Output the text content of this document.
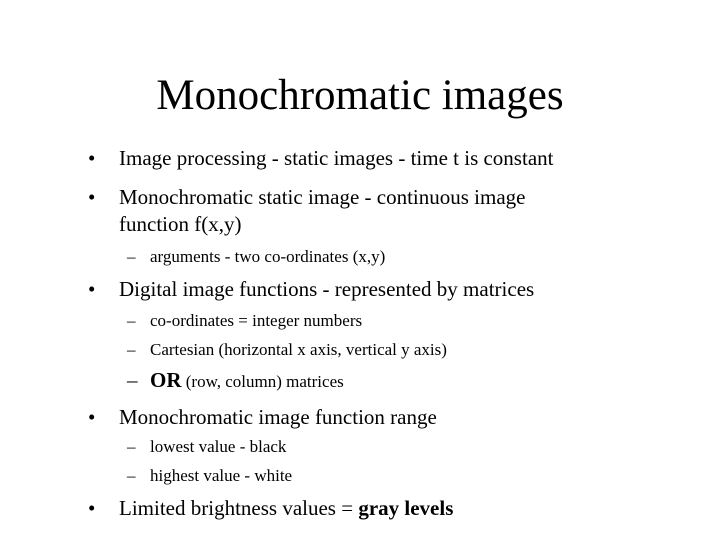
Monochromatic images
•	Image processing - static images - time t is constant
•	Monochromatic static image - continuous image
function f(x,y)
– arguments - two co-ordinates (x,y)
•	Digital image functions - represented by matrices
– co-ordinates = integer numbers
– Cartesian (horizontal x axis, vertical y axis)
– OR (row, column) matrices
•	Monochromatic image function range
– lowest value - black
– highest value - white
•	Limited brightness values = gray levels
